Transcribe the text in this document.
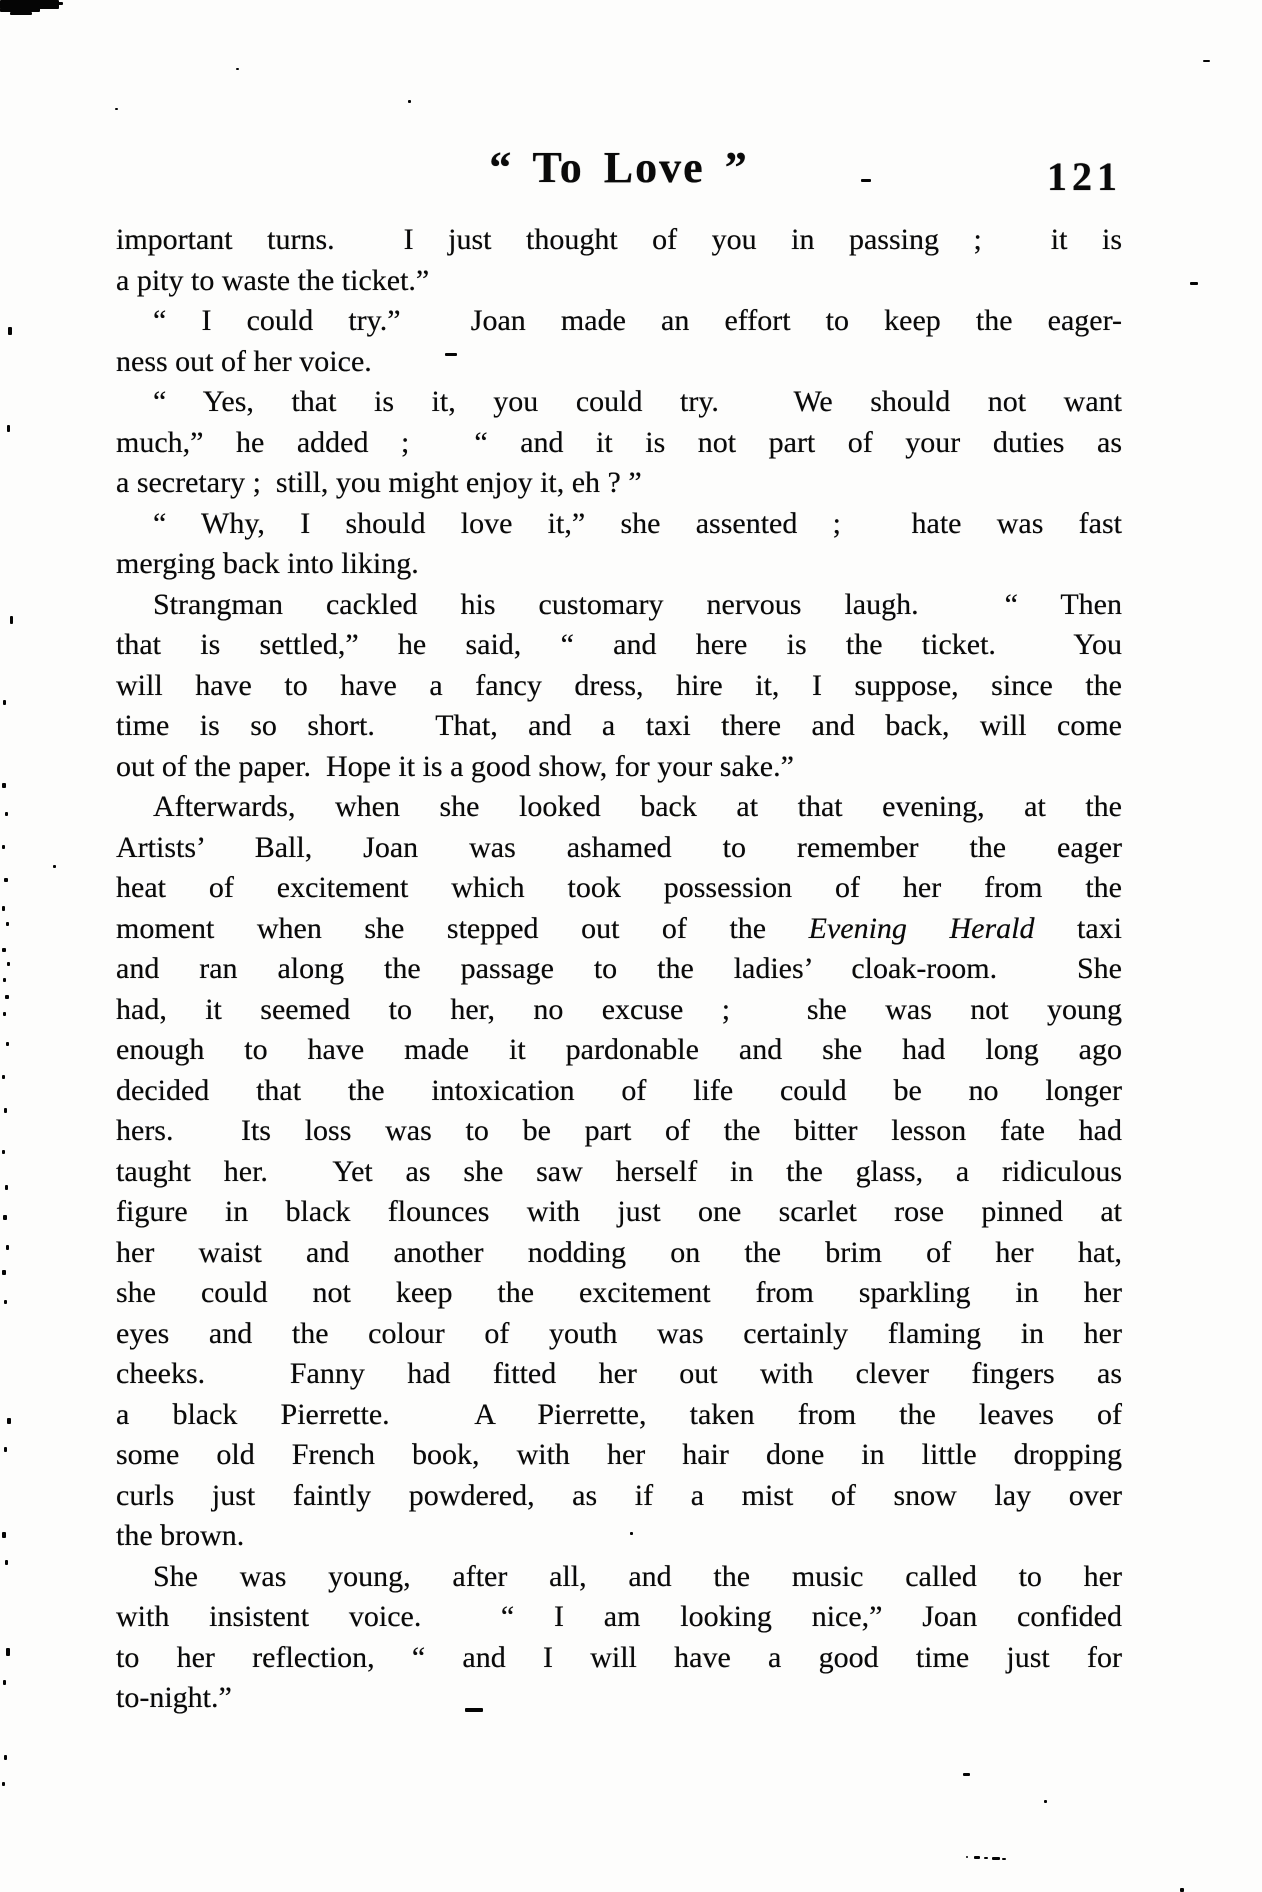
“ To Love ”	121
important turns.  I just thought of you in passing ;  it is
a pity to waste the ticket.”
“ I could try.”  Joan made an effort to keep the eager-
ness out of her voice.
“ Yes, that is it, you could try.  We should not want
much,” he added ;  “ and it is not part of your duties as
a secretary ;  still, you might enjoy it, eh ? ”
“ Why, I should love it,” she assented ;  hate was fast
merging back into liking.
Strangman cackled his customary nervous laugh.  “ Then
that is settled,” he said, “ and here is the ticket.  You
will have to have a fancy dress, hire it, I suppose, since the
time is so short.  That, and a taxi there and back, will come
out of the paper.  Hope it is a good show, for your sake.”
Afterwards, when she looked back at that evening, at the
Artists’ Ball, Joan was ashamed to remember the eager
heat of excitement which took possession of her from the
moment when she stepped out of the Evening Herald taxi
and ran along the passage to the ladies’ cloak-room.  She
had, it seemed to her, no excuse ;  she was not young
enough to have made it pardonable and she had long ago
decided that the intoxication of life could be no longer
hers.  Its loss was to be part of the bitter lesson fate had
taught her.  Yet as she saw herself in the glass, a ridiculous
figure in black flounces with just one scarlet rose pinned at
her waist and another nodding on the brim of her hat,
she could not keep the excitement from sparkling in her
eyes and the colour of youth was certainly flaming in her
cheeks.  Fanny had fitted her out with clever fingers as
a black Pierrette.  A Pierrette, taken from the leaves of
some old French book, with her hair done in little dropping
curls just faintly powdered, as if a mist of snow lay over
the brown.
She was young, after all, and the music called to her
with insistent voice.  “ I am looking nice,” Joan confided
to her reflection, “ and I will have a good time just for
to-night.”
